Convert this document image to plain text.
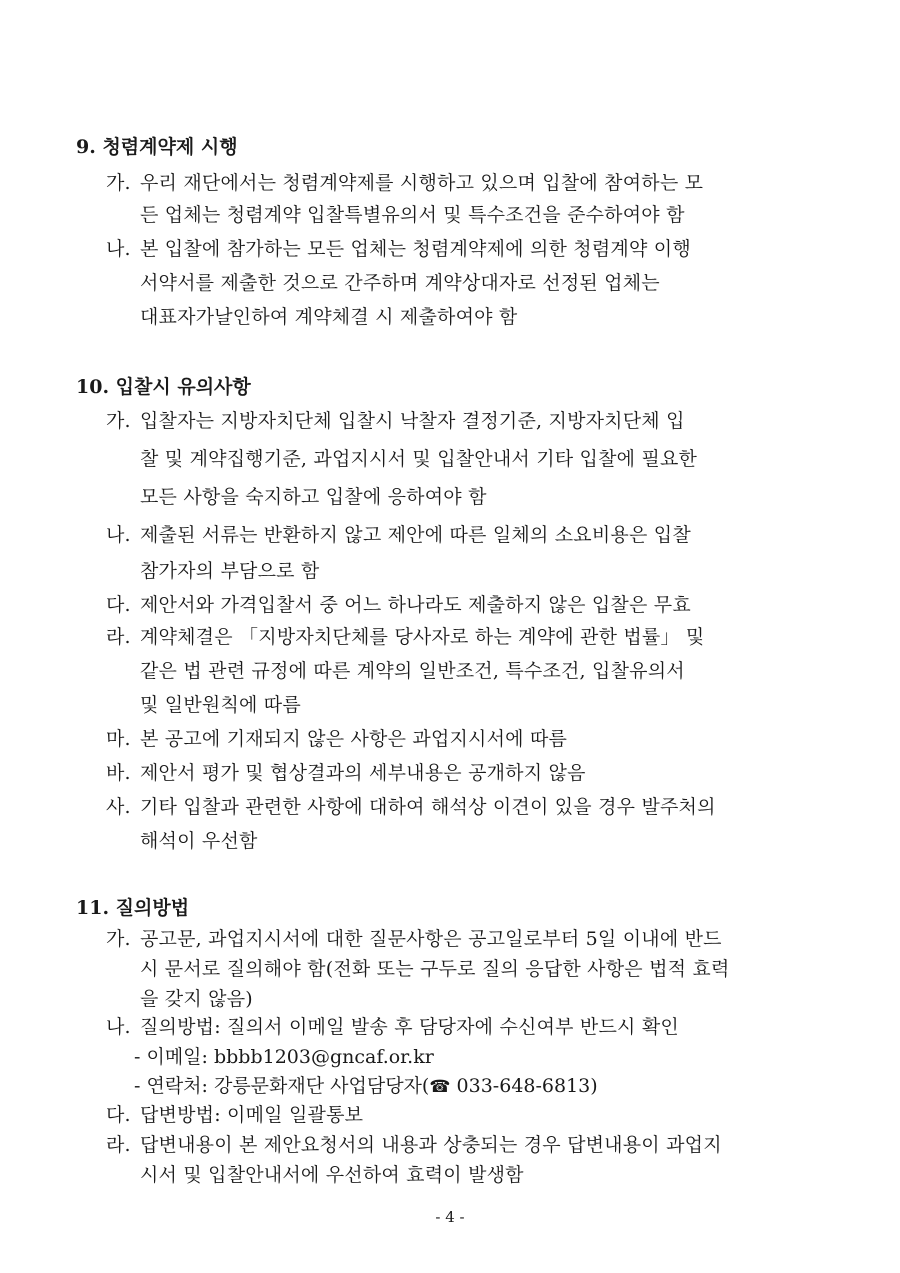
9. 청렴계약제 시행
가. 우리 재단에서는 청렴계약제를 시행하고 있으며 입찰에 참여하는 모
든 업체는 청렴계약 입찰특별유의서 및 특수조건을 준수하여야 함
나. 본 입찰에 참가하는 모든 업체는 청렴계약제에 의한 청렴계약 이행
서약서를 제출한 것으로 간주하며 계약상대자로 선정된 업체는
대표자가날인하여 계약체결 시 제출하여야 함
10. 입찰시 유의사항
가. 입찰자는 지방자치단체 입찰시 낙찰자 결정기준, 지방자치단체 입
찰 및 계약집행기준, 과업지시서 및 입찰안내서 기타 입찰에 필요한
모든 사항을 숙지하고 입찰에 응하여야 함
나. 제출된 서류는 반환하지 않고 제안에 따른 일체의 소요비용은 입찰
참가자의 부담으로 함
다. 제안서와 가격입찰서 중 어느 하나라도 제출하지 않은 입찰은 무효
라. 계약체결은 「지방자치단체를 당사자로 하는 계약에 관한 법률」 및
같은 법 관련 규정에 따른 계약의 일반조건, 특수조건, 입찰유의서
및 일반원칙에 따름
마. 본 공고에 기재되지 않은 사항은 과업지시서에 따름
바. 제안서 평가 및 협상결과의 세부내용은 공개하지 않음
사. 기타 입찰과 관련한 사항에 대하여 해석상 이견이 있을 경우 발주처의
해석이 우선함
11. 질의방법
가. 공고문, 과업지시서에 대한 질문사항은 공고일로부터 5일 이내에 반드
시 문서로 질의해야 함(전화 또는 구두로 질의 응답한 사항은 법적 효력
을 갖지 않음)
나. 질의방법: 질의서 이메일 발송 후 담당자에 수신여부 반드시 확인
- 이메일: bbbb1203@gncaf.or.kr
- 연락처: 강릉문화재단 사업담당자(☎ 033-648-6813)
다. 답변방법: 이메일 일괄통보
라. 답변내용이 본 제안요청서의 내용과 상충되는 경우 답변내용이 과업지
시서 및 입찰안내서에 우선하여 효력이 발생함
- 4 -
